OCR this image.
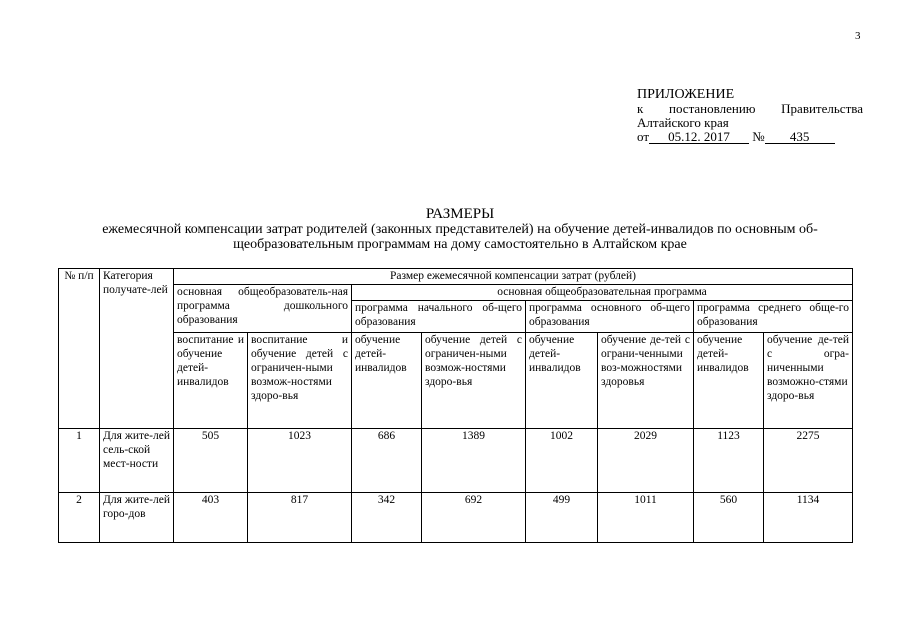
3
ПРИЛОЖЕНИЕ
к постановлению Правительства
Алтайского края
от 05.12. 2017 № 435
РАЗМЕРЫ
ежемесячной компенсации затрат родителей (законных представителей) на обучение детей-инвалидов по основным об-
щеобразовательным программам на дому самостоятельно в Алтайском крае
№ п/п	Категория получате-лей	Размер ежемесячной компенсации затрат (рублей)							
		основная общеобразователь-ная программа дошкольного образования		основная общеобразовательная программа					
				программа начального об-щего образования		программа основного об-щего образования		программа среднего обще-го образования	
		воспитание и обучение детей-инвалидов	воспитание и обучение детей с ограничен-ными возмож-ностями здоро-вья	обучение детей-инвалидов	обучение детей с ограничен-ными возмож-ностями здоро-вья	обучение детей-инвалидов	обучение де-тей с ограни-ченными воз-можностями здоровья	обучение детей-инвалидов	обучение де-тей с огра-ниченными возможно-стями здоро-вья
1	Для жите-лей сель-ской мест-ности	505	1023	686	1389	1002	2029	1123	2275
2	Для жите-лей горо-дов	403	817	342	692	499	1011	560	1134
